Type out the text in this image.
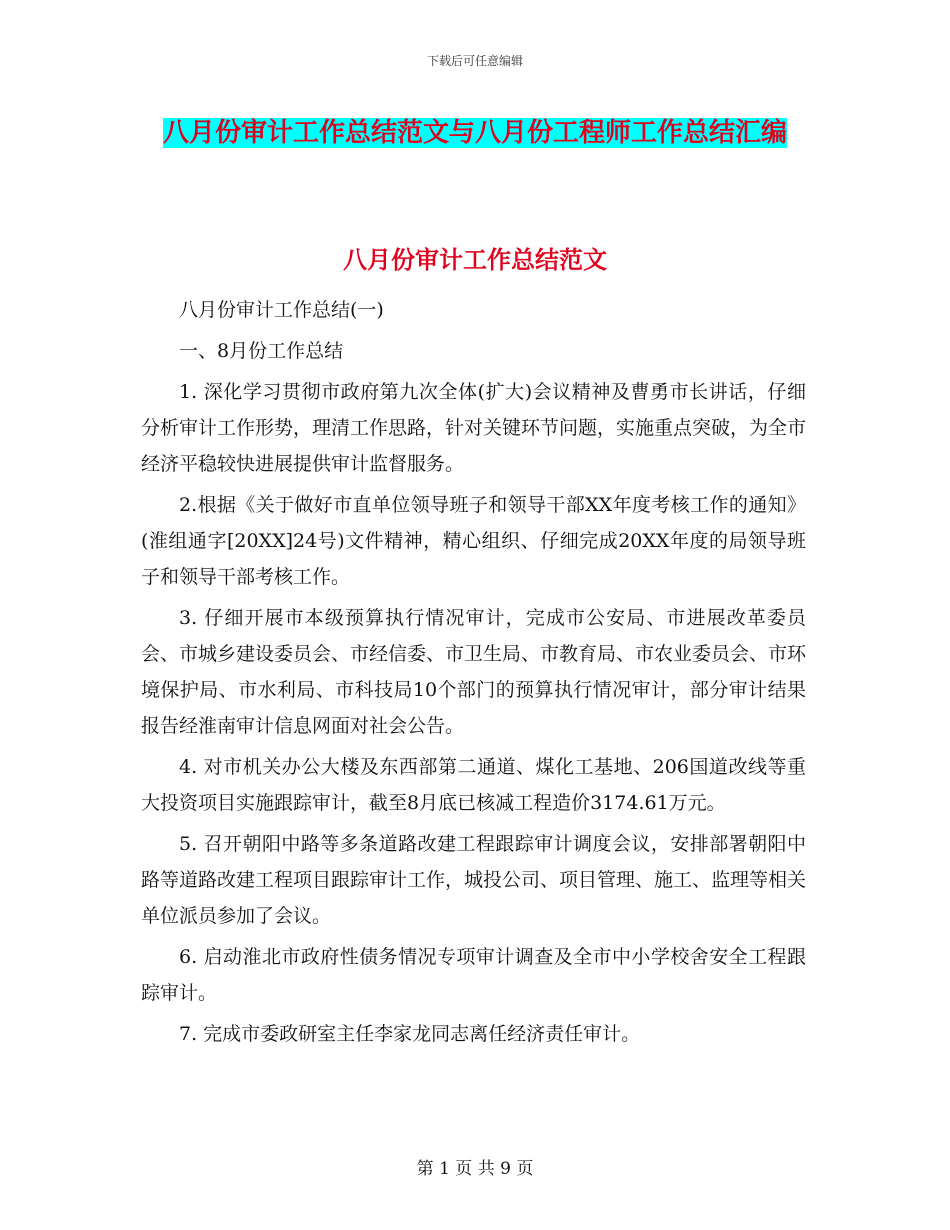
下载后可任意编辑
八月份审计工作总结范文与八月份工程师工作总结汇编
八月份审计工作总结范文

八月份审计工作总结(一)

一、8月份工作总结

1. 深化学习贯彻市政府第九次全体(扩大)会议精神及曹勇市长讲话，仔细分析审计工作形势，理清工作思路，针对关键环节问题，实施重点突破，为全市经济平稳较快进展提供审计监督服务。

2.根据《关于做好市直单位领导班子和领导干部XX年度考核工作的通知》(淮组通字[20XX]24号)文件精神，精心组织、仔细完成20XX年度的局领导班子和领导干部考核工作。

3. 仔细开展市本级预算执行情况审计，完成市公安局、市进展改革委员会、市城乡建设委员会、市经信委、市卫生局、市教育局、市农业委员会、市环境保护局、市水利局、市科技局10个部门的预算执行情况审计，部分审计结果报告经淮南审计信息网面对社会公告。

4. 对市机关办公大楼及东西部第二通道、煤化工基地、206国道改线等重大投资项目实施跟踪审计，截至8月底已核减工程造价3174.61万元。

5. 召开朝阳中路等多条道路改建工程跟踪审计调度会议，安排部署朝阳中路等道路改建工程项目跟踪审计工作，城投公司、项目管理、施工、监理等相关单位派员参加了会议。

6. 启动淮北市政府性债务情况专项审计调查及全市中小学校舍安全工程跟踪审计。

7. 完成市委政研室主任李家龙同志离任经济责任审计。

第 1 页 共 9 页
